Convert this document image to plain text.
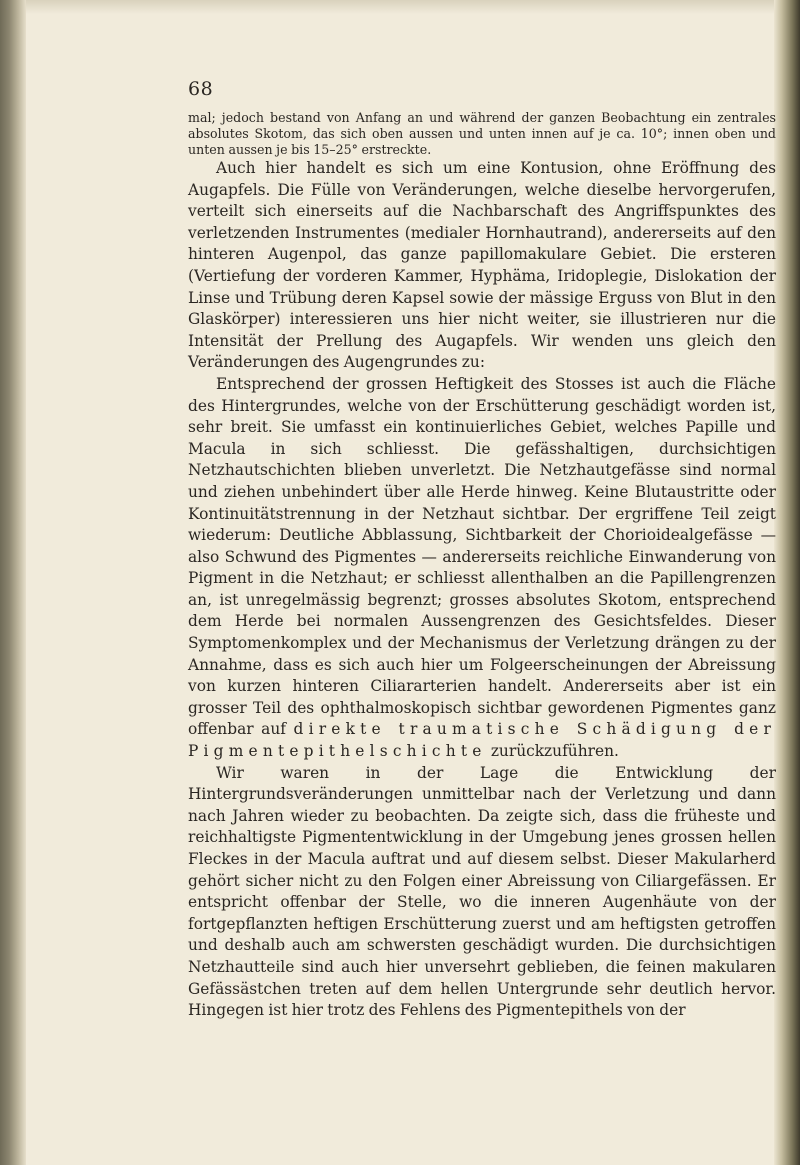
68

mal; jedoch bestand von Anfang an und während der ganzen Beobachtung ein zentrales absolutes Skotom, das sich oben aussen und unten innen auf je ca. 10°; innen oben und unten aussen je bis 15–25° erstreckte.

Auch hier handelt es sich um eine Kontusion, ohne Eröffnung des Augapfels. Die Fülle von Veränderungen, welche dieselbe hervorgerufen, verteilt sich einerseits auf die Nachbarschaft des Angriffspunktes des verletzenden Instrumentes (medialer Hornhautrand), andererseits auf den hinteren Augenpol, das ganze papillomakulare Gebiet. Die ersteren (Vertiefung der vorderen Kammer, Hyphäma, Iridoplegie, Dislokation der Linse und Trübung deren Kapsel sowie der mässige Erguss von Blut in den Glaskörper) interessieren uns hier nicht weiter, sie illustrieren nur die Intensität der Prellung des Augapfels. Wir wenden uns gleich den Veränderungen des Augengrundes zu:

Entsprechend der grossen Heftigkeit des Stosses ist auch die Fläche des Hintergrundes, welche von der Erschütterung geschädigt worden ist, sehr breit. Sie umfasst ein kontinuierliches Gebiet, welches Papille und Macula in sich schliesst. Die gefässhaltigen, durchsichtigen Netzhautschichten blieben unverletzt. Die Netzhautgefässe sind normal und ziehen unbehindert über alle Herde hinweg. Keine Blutaustritte oder Kontinuitätstrennung in der Netzhaut sichtbar. Der ergriffene Teil zeigt wiederum: Deutliche Abblassung, Sichtbarkeit der Chorioidealgefässe — also Schwund des Pigmentes — andererseits reichliche Einwanderung von Pigment in die Netzhaut; er schliesst allenthalben an die Papillengrenzen an, ist unregelmässig begrenzt; grosses absolutes Skotom, entsprechend dem Herde bei normalen Aussengrenzen des Gesichtsfeldes. Dieser Symptomenkomplex und der Mechanismus der Verletzung drängen zu der Annahme, dass es sich auch hier um Folgeerscheinungen der Abreissung von kurzen hinteren Ciliararterien handelt. Andererseits aber ist ein grosser Teil des ophthalmoskopisch sichtbar gewordenen Pigmentes ganz offenbar auf direkte traumatische Schädigung der Pigmentepithelschichte zurückzuführen.

Wir waren in der Lage die Entwicklung der Hintergrundsveränderungen unmittelbar nach der Verletzung und dann nach Jahren wieder zu beobachten. Da zeigte sich, dass die früheste und reichhaltigste Pigmententwicklung in der Umgebung jenes grossen hellen Fleckes in der Macula auftrat und auf diesem selbst. Dieser Makularherd gehört sicher nicht zu den Folgen einer Abreissung von Ciliargefässen. Er entspricht offenbar der Stelle, wo die inneren Augenhäute von der fortgepflanzten heftigen Erschütterung zuerst und am heftigsten getroffen und deshalb auch am schwersten geschädigt wurden. Die durchsichtigen Netzhautteile sind auch hier unversehrt geblieben, die feinen makularen Gefässästchen treten auf dem hellen Untergrunde sehr deutlich hervor. Hingegen ist hier trotz des Fehlens des Pigmentepithels von der
